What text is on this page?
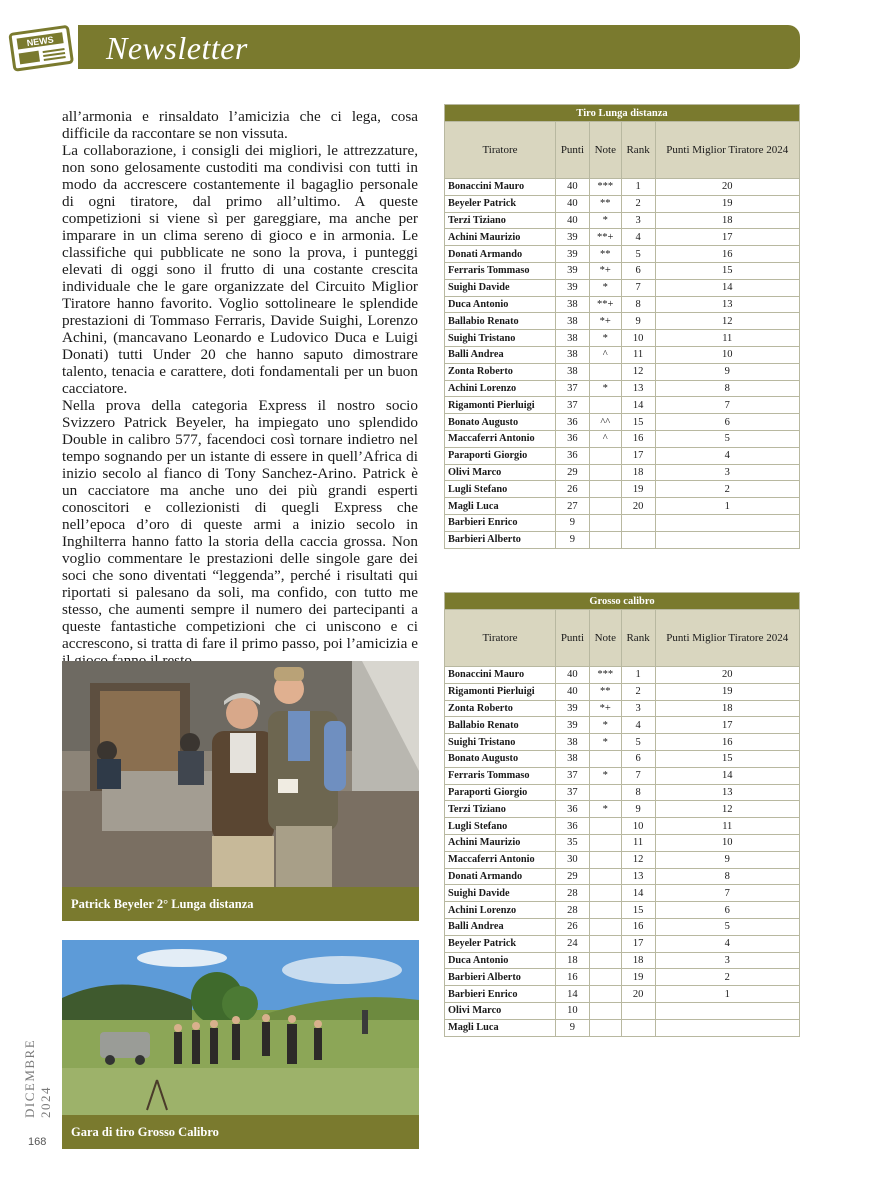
NEWS Newsletter

all’armonia e rinsaldato l’amicizia che ci lega, cosa difficile da raccontare se non vissuta.

La collaborazione, i consigli dei migliori, le attrezzature, non sono gelosamente custoditi ma condivisi con tutti in modo da accrescere costantemente il bagaglio personale di ogni tiratore, dal primo all’ultimo. A queste competizioni si viene sì per gareggiare, ma anche per imparare in un clima sereno di gioco e in armonia. Le classifiche qui pubblicate ne sono la prova, i punteggi elevati di oggi sono il frutto di una costante crescita individuale che le gare organizzate del Circuito Miglior Tiratore hanno favorito. Voglio sottolineare le splendide prestazioni di Tommaso Ferraris, Davide Suighi, Lorenzo Achini, (mancavano Leonardo e Ludovico Duca e Luigi Donati) tutti Under 20 che hanno saputo dimostrare talento, tenacia e carattere, doti fondamentali per un buon cacciatore.

Nella prova della categoria Express il nostro socio Svizzero Patrick Beyeler, ha impiegato uno splendido Double in calibro 577, facendoci così tornare indietro nel tempo sognando per un istante di essere in quell’Africa di inizio secolo al fianco di Tony Sanchez-Arino. Patrick è un cacciatore ma anche uno dei più grandi esperti conoscitori e collezionisti di quegli Express che nell’epoca d’oro di queste armi a inizio secolo in Inghilterra hanno fatto la storia della caccia grossa. Non voglio commentare le prestazioni delle singole gare dei soci che sono diventati “leggenda”, perché i risultati qui riportati si palesano da soli, ma confido, con tutto me stesso, che aumenti sempre il numero dei partecipanti a queste fantastiche competizioni che ci uniscono e ci accrescono, si tratta di fare il primo passo, poi l’amicizia e

Patrick Beyeler 2° Lunga distanza
Gara di tiro Grosso Calibro
Tiro Lunga distanza				
Tiratore	Punti	Note	Rank	Punti Miglior Tiratore 2024
Bonaccini Mauro	40	***	1	20
Beyeler Patrick	40	**	2	19
Terzi Tiziano	40	*	3	18
Achini Maurizio	39	**+	4	17
Donati Armando	39	**	5	16
Ferraris Tommaso	39	*+	6	15
Suighi Davide	39	*	7	14
Duca Antonio	38	**+	8	13
Ballabio Renato	38	*+	9	12
Suighi Tristano	38	*	10	11
Balli Andrea	38	^	11	10
Zonta Roberto	38		12	9
Achini Lorenzo	37	*	13	8
Rigamonti Pierluigi	37		14	7
Bonato Augusto	36	^^	15	6
Maccaferri Antonio	36	^	16	5
Paraporti Giorgio	36		17	4
Olivi Marco	29		18	3
Lugli Stefano	26		19	2
Magli Luca	27		20	1
Barbieri Enrico	9			
Barbieri Alberto	9			
Grosso calibro				
Tiratore	Punti	Note	Rank	Punti Miglior Tiratore 2024
Bonaccini Mauro	40	***	1	20
Rigamonti Pierluigi	40	**	2	19
Zonta Roberto	39	*+	3	18
Ballabio Renato	39	*	4	17
Suighi Tristano	38	*	5	16
Bonato Augusto	38		6	15
Ferraris Tommaso	37	*	7	14
Paraporti Giorgio	37		8	13
Terzi Tiziano	36	*	9	12
Lugli Stefano	36		10	11
Achini Maurizio	35		11	10
Maccaferri Antonio	30		12	9
Donati Armando	29		13	8
Suighi Davide	28		14	7
Achini Lorenzo	28		15	6
Balli Andrea	26		16	5
Beyeler Patrick	24		17	4
Duca Antonio	18		18	3
Barbieri Alberto	16		19	2
Barbieri Enrico	14		20	1
Olivi Marco	10			
Magli Luca	9			
DICEMBRE 2024
168
